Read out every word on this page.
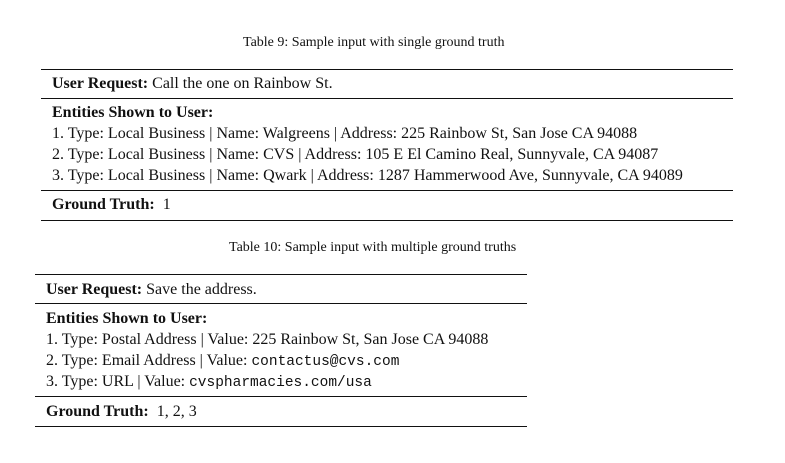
Table 9: Sample input with single ground truth
User Request: Call the one on Rainbow St.
Entities Shown to User:
1. Type: Local Business | Name: Walgreens | Address: 225 Rainbow St, San Jose CA 94088
2. Type: Local Business | Name: CVS | Address: 105 E El Camino Real, Sunnyvale, CA 94087
3. Type: Local Business | Name: Qwark | Address: 1287 Hammerwood Ave, Sunnyvale, CA 94089
Ground Truth: 1
Table 10: Sample input with multiple ground truths
User Request: Save the address.
Entities Shown to User:
1. Type: Postal Address | Value: 225 Rainbow St, San Jose CA 94088
2. Type: Email Address | Value: contactus@cvs.com
3. Type: URL | Value: cvspharmacies.com/usa
Ground Truth: 1, 2, 3
